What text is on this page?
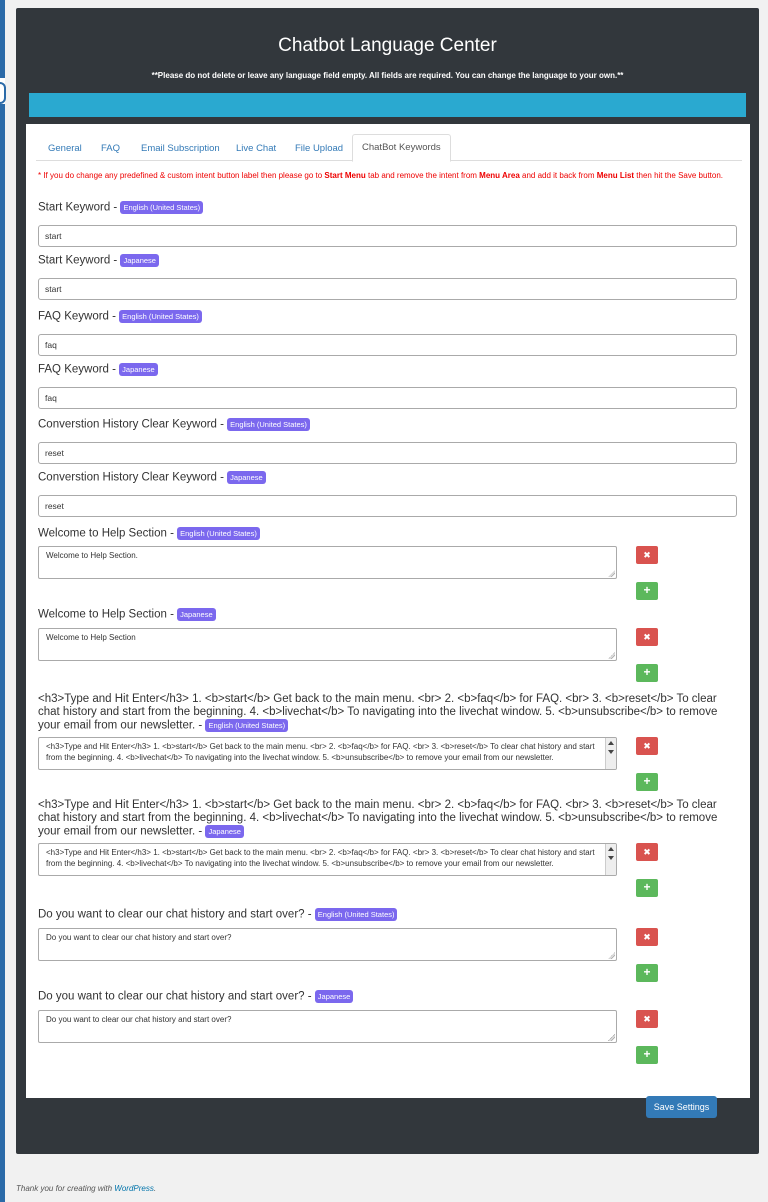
Chatbot Language Center
**Please do not delete or leave any language field empty. All fields are required. You can change the language to your own.**
General FAQ Email Subscription Live Chat File Upload	ChatBot Keywords
* If you do change any predefined & custom intent button label then please go to Start Menu tab and remove the intent from Menu Area and add it back from Menu List then hit the Save button.
Start Keyword - English (United States)
start
Start Keyword - Japanese
start
FAQ Keyword - English (United States)
faq
FAQ Keyword - Japanese
faq
Converstion History Clear Keyword - English (United States)
reset
Converstion History Clear Keyword - Japanese
reset
Welcome to Help Section - English (United States)
Welcome to Help Section.	✖
+
Welcome to Help Section - Japanese
Welcome to Help Section	✖
+
<h3>Type and Hit Enter</h3> 1. <b>start</b> Get back to the main menu. <br> 2. <b>faq</b> for FAQ. <br> 3. <b>reset</b> To clear chat history and start from the beginning. 4. <b>livechat</b> To navigating into the livechat window. 5. <b>unsubscribe</b> to remove your email from our newsletter. - English (United States)
<h3>Type and Hit Enter</h3> 1. <b>start</b> Get back to the main menu. <br> 2. <b>faq</b> for FAQ. <br> 3. <b>reset</b> To clear chat history and start from the beginning. 4. <b>livechat</b> To navigating into the livechat window. 5. <b>unsubscribe</b> to remove your email from our newsletter.
✖
+
<h3>Type and Hit Enter</h3> 1. <b>start</b> Get back to the main menu. <br> 2. <b>faq</b> for FAQ. <br> 3. <b>reset</b> To clear chat history and start from the beginning. 4. <b>livechat</b> To navigating into the livechat window. 5. <b>unsubscribe</b> to remove your email from our newsletter. - Japanese
<h3>Type and Hit Enter</h3> 1. <b>start</b> Get back to the main menu. <br> 2. <b>faq</b> for FAQ. <br> 3. <b>reset</b> To clear chat history and start from the beginning. 4. <b>livechat</b> To navigating into the livechat window. 5. <b>unsubscribe</b> to remove your email from our newsletter.
✖
+
Do you want to clear our chat history and start over? - English (United States)
Do you want to clear our chat history and start over?	✖
+
Do you want to clear our chat history and start over? - Japanese
Do you want to clear our chat history and start over?	✖
+
Save Settings
Thank you for creating with WordPress.
